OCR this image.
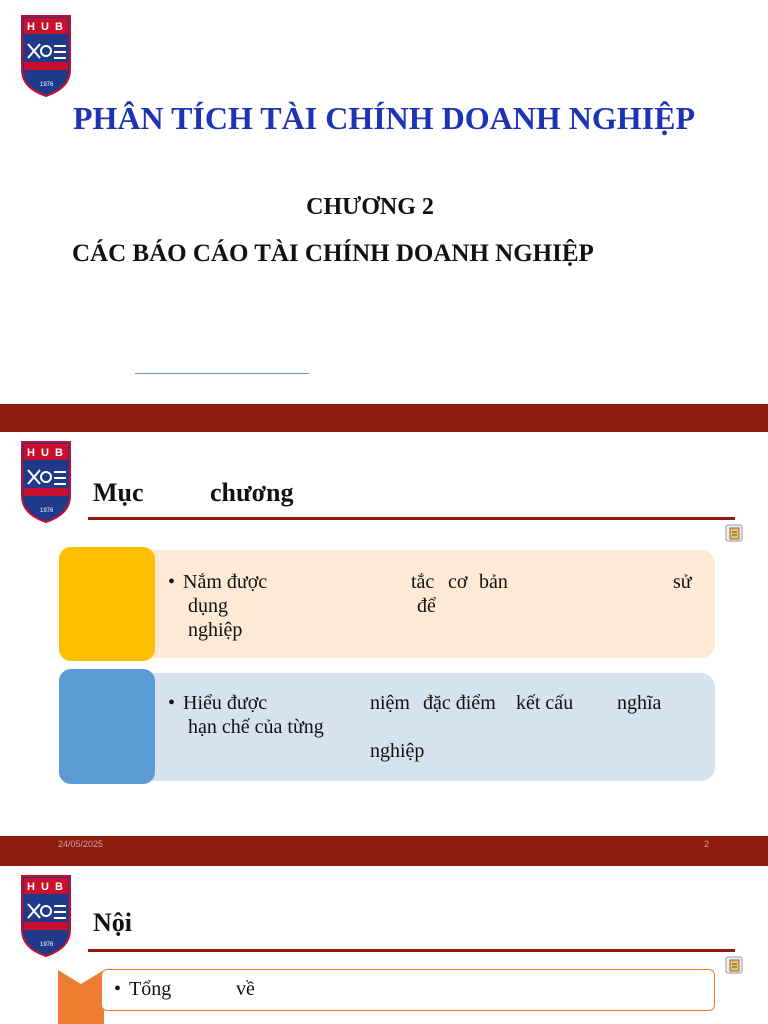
H U B
1976
PHÂN TÍCH TÀI CHÍNH DOANH NGHIỆP
CHƯƠNG 2
CÁC BÁO CÁO TÀI CHÍNH DOANH NGHIỆP
H U B
1976
Mục	chương
• Nắm được	tắc cơ bản	sử
dụng	để
nghiệp
• Hiểu được	niệm đặc điểm kết cấu nghĩa
hạn chế của từng
nghiệp
24/05/2025	2
H U B
1976
Nội
• Tổng	về
